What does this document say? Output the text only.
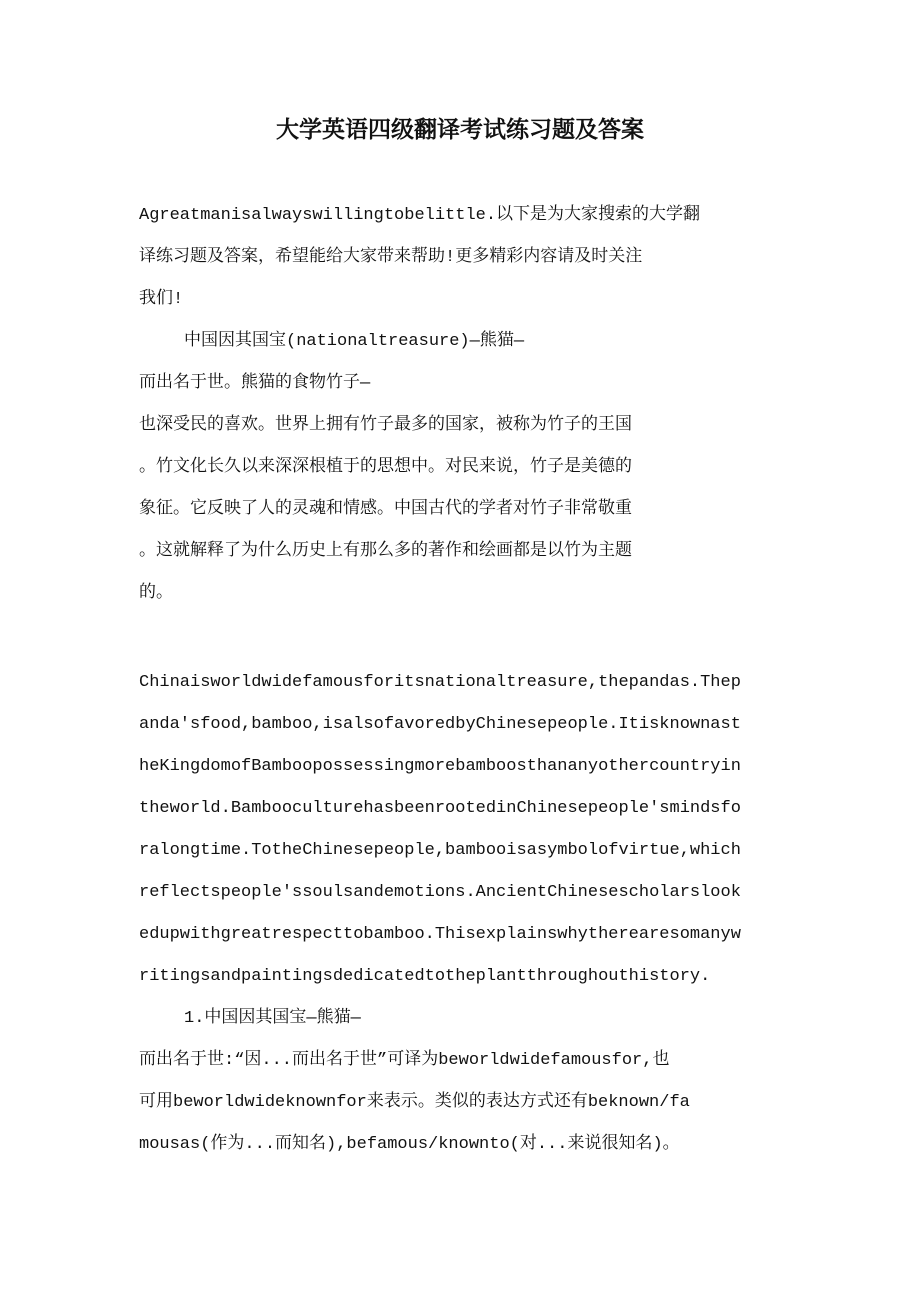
大学英语四级翻译考试练习题及答案
Agreatmanisalwayswillingtobelittle.以下是为大家搜索的大学翻
译练习题及答案，希望能给大家带来帮助!更多精彩内容请及时关注
我们!
中国因其国宝(nationaltreasure)—熊猫—
而出名于世。熊猫的食物竹子—
也深受民的喜欢。世界上拥有竹子最多的国家，被称为竹子的王国
。竹文化长久以来深深根植于的思想中。对民来说，竹子是美德的
象征。它反映了人的灵魂和情感。中国古代的学者对竹子非常敬重
。这就解释了为什么历史上有那么多的著作和绘画都是以竹为主题
的。
Chinaisworldwidefamousforitsnationaltreasure,thepandas.Thep
anda'sfood,bamboo,isalsofavoredbyChinesepeople.Itisknownast
heKingdomofBamboopossessingmorebamboosthananyothercountryin
theworld.BambooculturehasbeenrootedinChinesepeople'smindsfo
ralongtime.TotheChinesepeople,bambooisasymbolofvirtue,which
reflectspeople'ssoulsandemotions.AncientChinesescholarslook
edupwithgreatrespecttobamboo.Thisexplainswhytherearesomanyw
ritingsandpaintingsdedicatedtotheplantthroughouthistory.
1.中国因其国宝—熊猫—
而出名于世:“因...而出名于世”可译为beworldwidefamousfor,也
可用beworldwideknownfor来表示。类似的表达方式还有beknown/fa
mousas(作为...而知名),befamous/knownto(对...来说很知名)。
